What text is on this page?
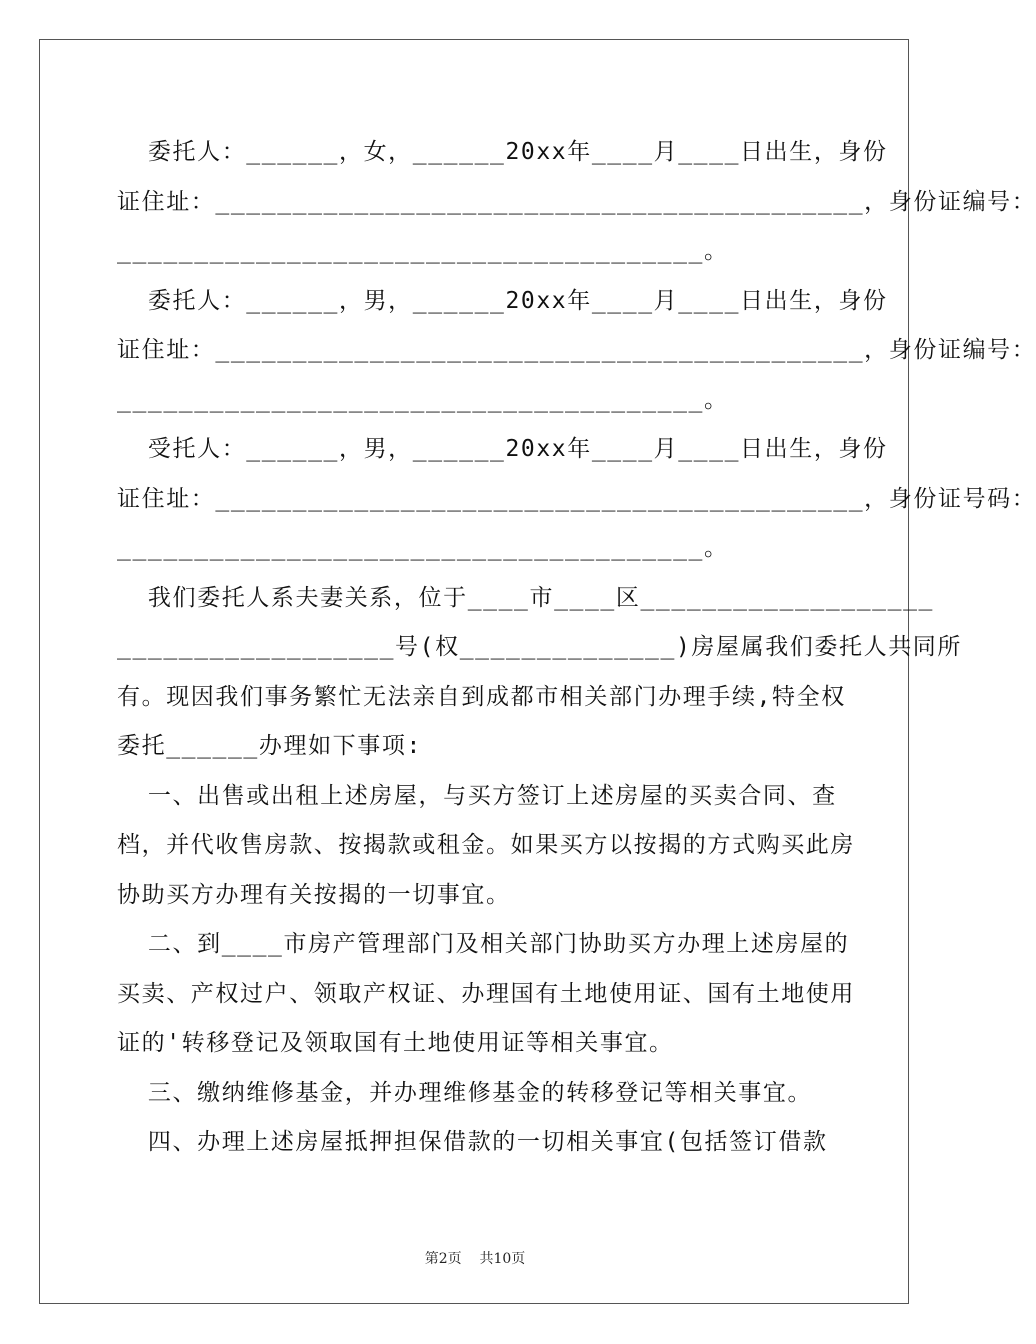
委托人：______，女，______20xx年____月____日出生，身份
证住址：__________________________________________，身份证编号：
______________________________________。
委托人：______，男，______20xx年____月____日出生，身份
证住址：__________________________________________，身份证编号：
______________________________________。
受托人：______，男，______20xx年____月____日出生，身份
证住址：__________________________________________，身份证号码：
______________________________________。
我们委托人系夫妻关系，位于____市____区___________________
__________________号(权______________)房屋属我们委托人共同所
有。现因我们事务繁忙无法亲自到成都市相关部门办理手续,特全权
委托______办理如下事项:
一、出售或出租上述房屋，与买方签订上述房屋的买卖合同、查
档，并代收售房款、按揭款或租金。如果买方以按揭的方式购买此房
协助买方办理有关按揭的一切事宜。
二、到____市房产管理部门及相关部门协助买方办理上述房屋的
买卖、产权过户、领取产权证、办理国有土地使用证、国有土地使用
证的'转移登记及领取国有土地使用证等相关事宜。
三、缴纳维修基金，并办理维修基金的转移登记等相关事宜。
四、办理上述房屋抵押担保借款的一切相关事宜(包括签订借款
第2页    共10页
